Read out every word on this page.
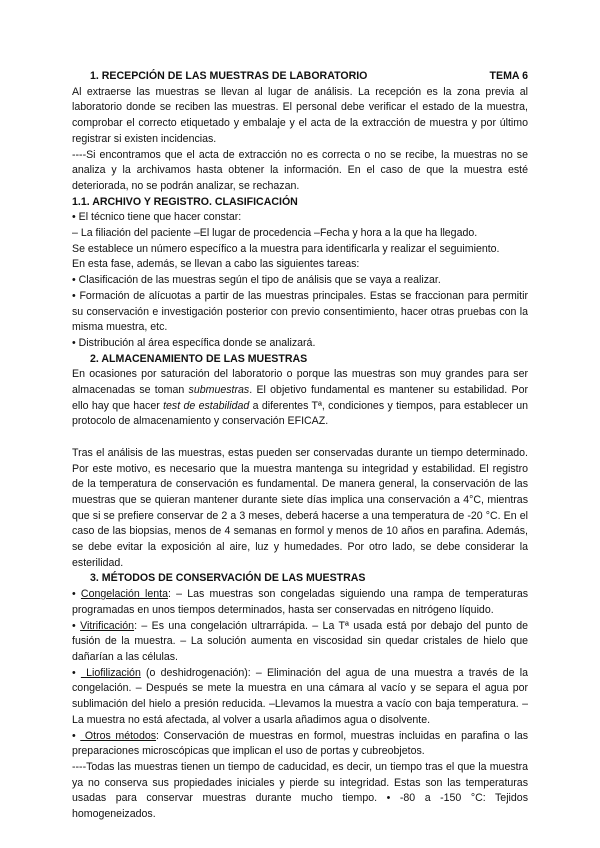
1. RECEPCIÓN DE LAS MUESTRAS DE LABORATORIO	TEMA 6

Al extraerse las muestras se llevan al lugar de análisis. La recepción es la zona previa al laboratorio donde se reciben las muestras. El personal debe verificar el estado de la muestra, comprobar el correcto etiquetado y embalaje y el acta de la extracción de muestra y por último registrar si existen incidencias.

----Si encontramos que el acta de extracción no es correcta o no se recibe, la muestras no se analiza y la archivamos hasta obtener la información. En el caso de que la muestra esté deteriorada, no se podrán analizar, se rechazan.

1.1. ARCHIVO Y REGISTRO. CLASIFICACIÓN

• El técnico tiene que hacer constar:

– La filiación del paciente –El lugar de procedencia –Fecha y hora a la que ha llegado.

Se establece un número específico a la muestra para identificarla y realizar el seguimiento.

En esta fase, además, se llevan a cabo las siguientes tareas:

• Clasificación de las muestras según el tipo de análisis que se vaya a realizar.

• Formación de alícuotas a partir de las muestras principales. Estas se fraccionan para permitir su conservación e investigación posterior con previo consentimiento, hacer otras pruebas con la misma muestra, etc.

• Distribución al área específica donde se analizará.

2. ALMACENAMIENTO DE LAS MUESTRAS

En ocasiones por saturación del laboratorio o porque las muestras son muy grandes para ser almacenadas se toman submuestras. El objetivo fundamental es mantener su estabilidad. Por ello hay que hacer test de estabilidad a diferentes Tª, condiciones y tiempos, para establecer un protocolo de almacenamiento y conservación EFICAZ.

Tras el análisis de las muestras, estas pueden ser conservadas durante un tiempo determinado. Por este motivo, es necesario que la muestra mantenga su integridad y estabilidad. El registro de la temperatura de conservación es fundamental. De manera general, la conservación de las muestras que se quieran mantener durante siete días implica una conservación a 4°C, mientras que si se prefiere conservar de 2 a 3 meses, deberá hacerse a una temperatura de -20 °C. En el caso de las biopsias, menos de 4 semanas en formol y menos de 10 años en parafina. Además, se debe evitar la exposición al aire, luz y humedades. Por otro lado, se debe considerar la esterilidad.

3. MÉTODOS DE CONSERVACIÓN DE LAS MUESTRAS

• Congelación lenta: – Las muestras son congeladas siguiendo una rampa de temperaturas programadas en unos tiempos determinados, hasta ser conservadas en nitrógeno líquido.

• Vitrificación: – Es una congelación ultrarrápida. – La Tª usada está por debajo del punto de fusión de la muestra. – La solución aumenta en viscosidad sin quedar cristales de hielo que dañarían a las células.

•  Liofilización (o deshidrogenación): – Eliminación del agua de una muestra a través de la congelación. – Después se mete la muestra en una cámara al vacío y se separa el agua por sublimación del hielo a presión reducida. –Llevamos la muestra a vacío con baja temperatura. –La muestra no está afectada, al volver a usarla añadimos agua o disolvente.

•  Otros métodos: Conservación de muestras en formol, muestras incluidas en parafina o las preparaciones microscópicas que implican el uso de portas y cubreobjetos.

----Todas las muestras tienen un tiempo de caducidad, es decir, un tiempo tras el que la muestra ya no conserva sus propiedades iniciales y pierde su integridad. Estas son las temperaturas usadas para conservar muestras durante mucho tiempo. • -80 a -150 °C: Tejidos homogeneizados.
